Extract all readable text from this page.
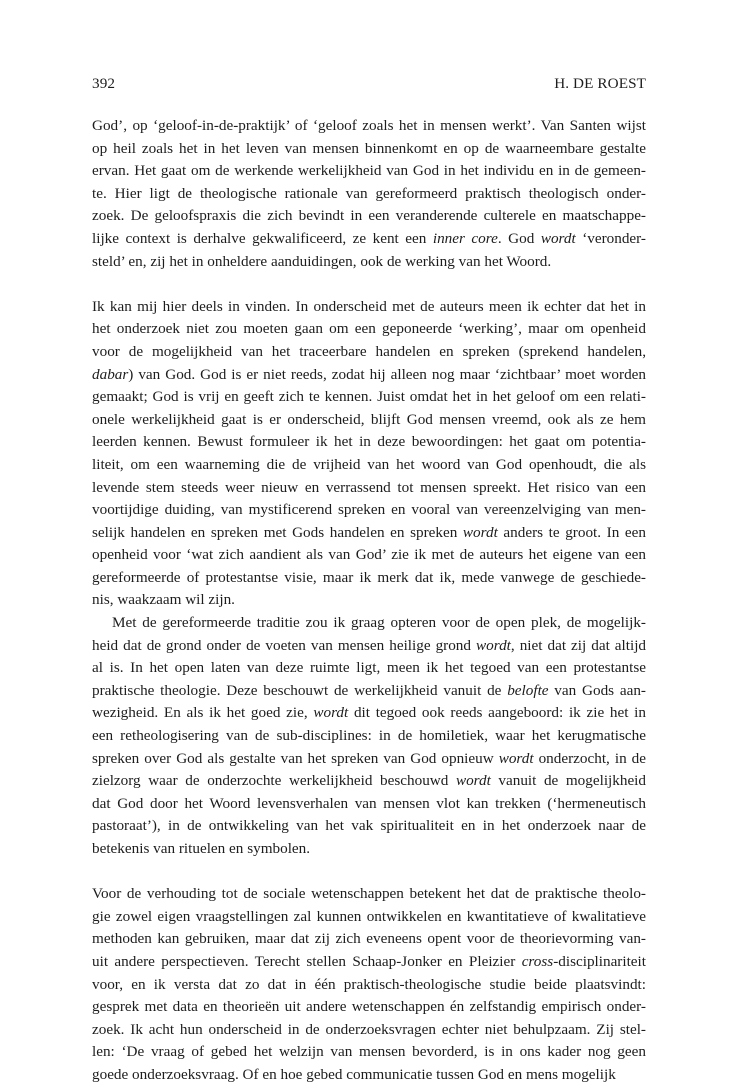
392	H. DE ROEST
God’, op ‘geloof-in-de-praktijk’ of ‘geloof zoals het in mensen werkt’. Van Santen wijst
op heil zoals het in het leven van mensen binnenkomt en op de waarneembare gestalte
ervan. Het gaat om de werkende werkelijkheid van God in het individu en in de gemeen-
te. Hier ligt de theologische rationale van gereformeerd praktisch theologisch onder-
zoek. De geloofspraxis die zich bevindt in een veranderende culterele en maatschappe-
lijke context is derhalve gekwalificeerd, ze kent een inner core. God wordt ‘veronder-
steld’ en, zij het in onheldere aanduidingen, ook de werking van het Woord.
Ik kan mij hier deels in vinden. In onderscheid met de auteurs meen ik echter dat het in
het onderzoek niet zou moeten gaan om een geponeerde ‘werking’, maar om openheid
voor de mogelijkheid van het traceerbare handelen en spreken (sprekend handelen,
dabar) van God. God is er niet reeds, zodat hij alleen nog maar ‘zichtbaar’ moet worden
gemaakt; God is vrij en geeft zich te kennen. Juist omdat het in het geloof om een relati-
onele werkelijkheid gaat is er onderscheid, blijft God mensen vreemd, ook als ze hem
leerden kennen. Bewust formuleer ik het in deze bewoordingen: het gaat om potentia-
liteit, om een waarneming die de vrijheid van het woord van God openhoudt, die als
levende stem steeds weer nieuw en verrassend tot mensen spreekt. Het risico van een
voortijdige duiding, van mystificerend spreken en vooral van vereenzelviging van men-
selijk handelen en spreken met Gods handelen en spreken wordt anders te groot. In een
openheid voor ‘wat zich aandient als van God’ zie ik met de auteurs het eigene van een
gereformeerde of protestantse visie, maar ik merk dat ik, mede vanwege de geschiede-
nis, waakzaam wil zijn.
Met de gereformeerde traditie zou ik graag opteren voor de open plek, de mogelijk-
heid dat de grond onder de voeten van mensen heilige grond wordt, niet dat zij dat altijd
al is. In het open laten van deze ruimte ligt, meen ik het tegoed van een protestantse
praktische theologie. Deze beschouwt de werkelijkheid vanuit de belofte van Gods aan-
wezigheid. En als ik het goed zie, wordt dit tegoed ook reeds aangeboord: ik zie het in
een retheologisering van de sub-disciplines: in de homiletiek, waar het kerugmatische
spreken over God als gestalte van het spreken van God opnieuw wordt onderzocht, in de
zielzorg waar de onderzochte werkelijkheid beschouwd wordt vanuit de mogelijkheid
dat God door het Woord levensverhalen van mensen vlot kan trekken (‘hermeneutisch
pastoraat’), in de ontwikkeling van het vak spiritualiteit en in het onderzoek naar de
betekenis van rituelen en symbolen.
Voor de verhouding tot de sociale wetenschappen betekent het dat de praktische theolo-
gie zowel eigen vraagstellingen zal kunnen ontwikkelen en kwantitatieve of kwalitatieve
methoden kan gebruiken, maar dat zij zich eveneens opent voor de theorievorming van-
uit andere perspectieven. Terecht stellen Schaap-Jonker en Pleizier cross-disciplinariteit
voor, en ik versta dat zo dat in één praktisch-theologische studie beide plaatsvindt:
gesprek met data en theorieën uit andere wetenschappen én zelfstandig empirisch onder-
zoek. Ik acht hun onderscheid in de onderzoeksvragen echter niet behulpzaam. Zij stel-
len: ‘De vraag of gebed het welzijn van mensen bevorderd, is in ons kader nog geen
goede onderzoeksvraag. Of en hoe gebed communicatie tussen God en mens mogelijk
